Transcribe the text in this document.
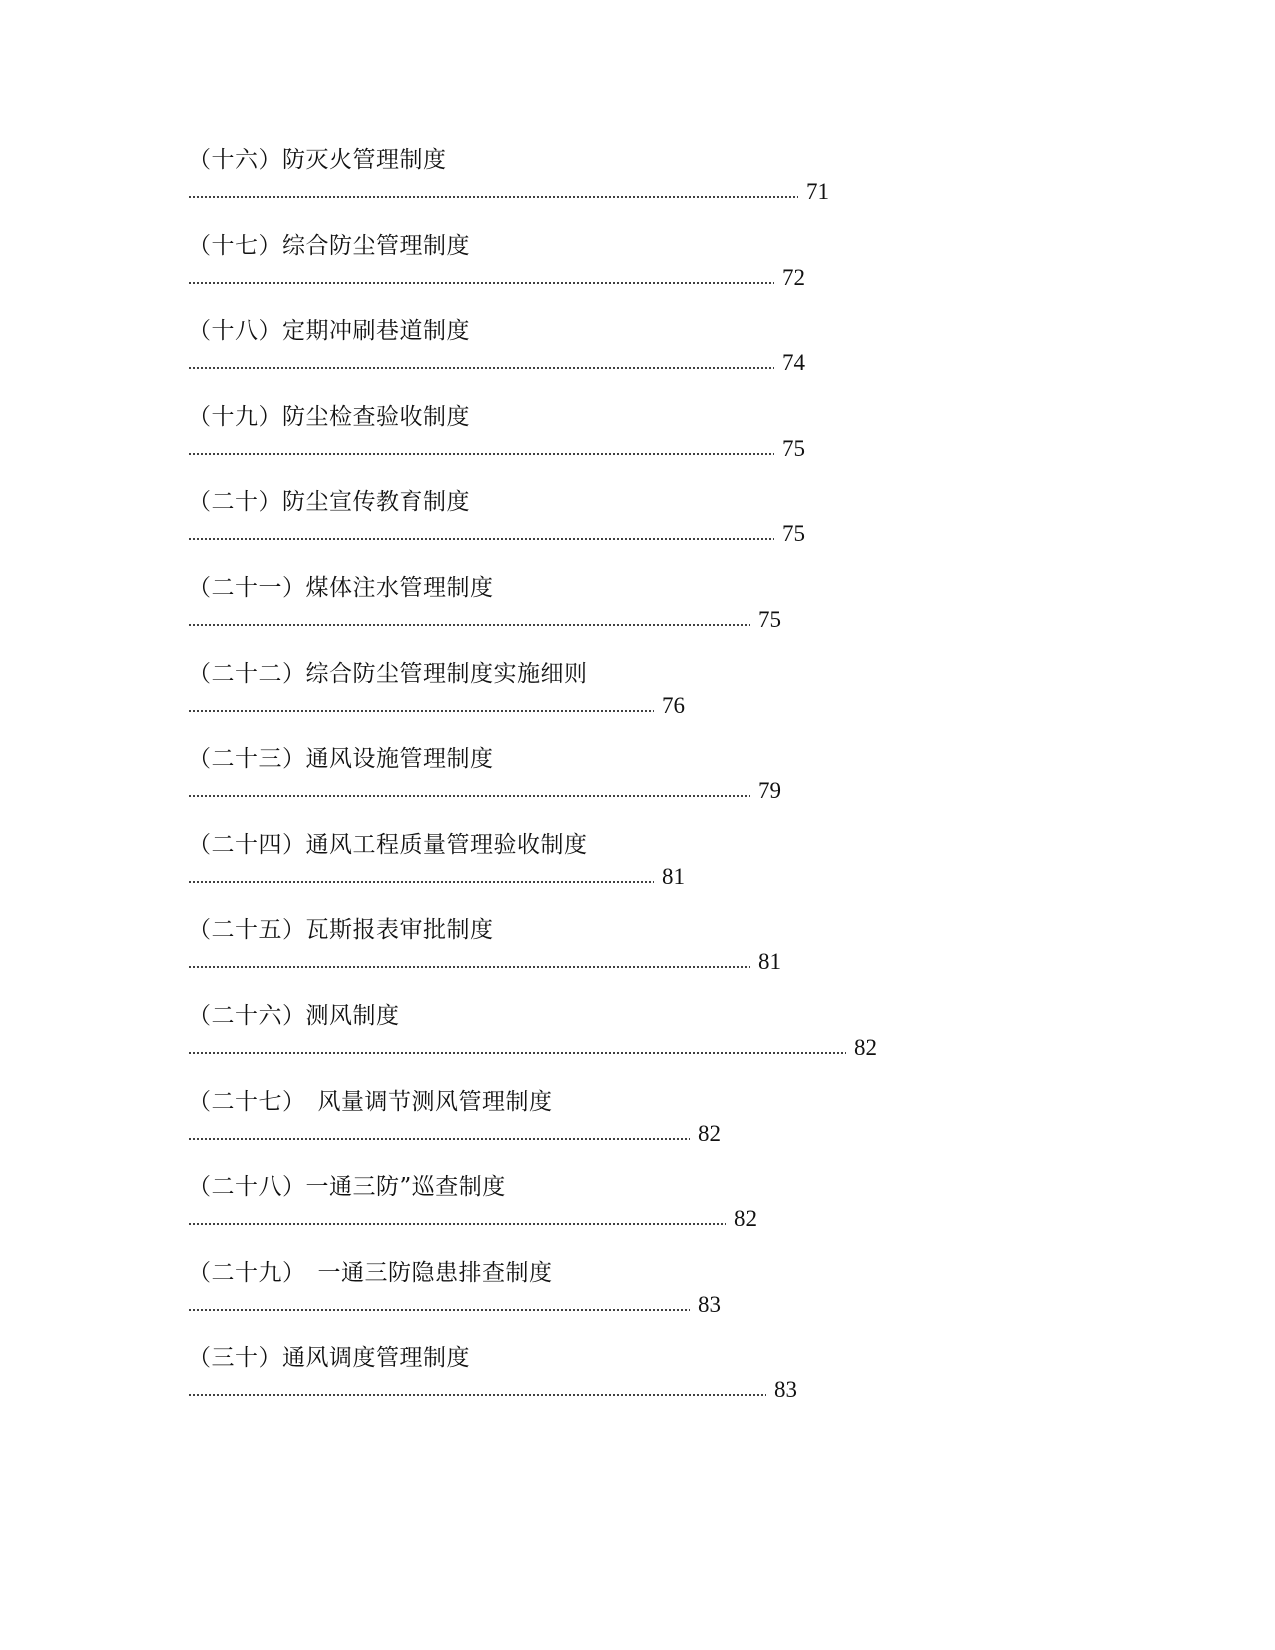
（十六）防灭火管理制度
71
（十七）综合防尘管理制度
72
（十八）定期冲刷巷道制度
74
（十九）防尘检查验收制度
75
（二十）防尘宣传教育制度
75
（二十一）煤体注水管理制度
75
（二十二）综合防尘管理制度实施细则
76
（二十三）通风设施管理制度
79
（二十四）通风工程质量管理验收制度
81
（二十五）瓦斯报表审批制度
81
（二十六）测风制度
82
（二十七）　风量调节测风管理制度
82
（二十八）一通三防”巡查制度
82
（二十九）　一通三防隐患排查制度
83
（三十）通风调度管理制度
83
